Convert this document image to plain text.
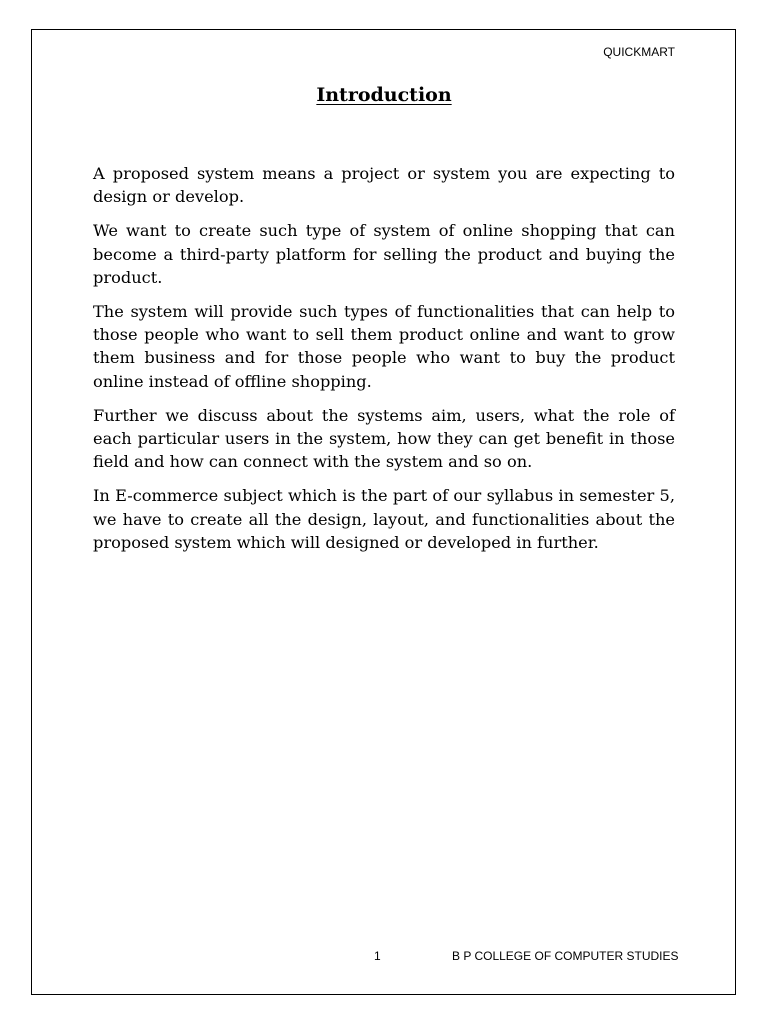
QUICKMART
Introduction

A proposed system means a project or system you are expecting to design or develop.

We want to create such type of system of online shopping that can become a third-party platform for selling the product and buying the product.

The system will provide such types of functionalities that can help to those people who want to sell them product online and want to grow them business and for those people who want to buy the product online instead of offline shopping.

Further we discuss about the systems aim, users, what the role of each particular users in the system, how they can get benefit in those field and how can connect with the system and so on.

In E-commerce subject which is the part of our syllabus in semester 5, we have to create all the design, layout, and functionalities about the proposed system which will designed or developed in further.

1	B P COLLEGE OF COMPUTER STUDIES
